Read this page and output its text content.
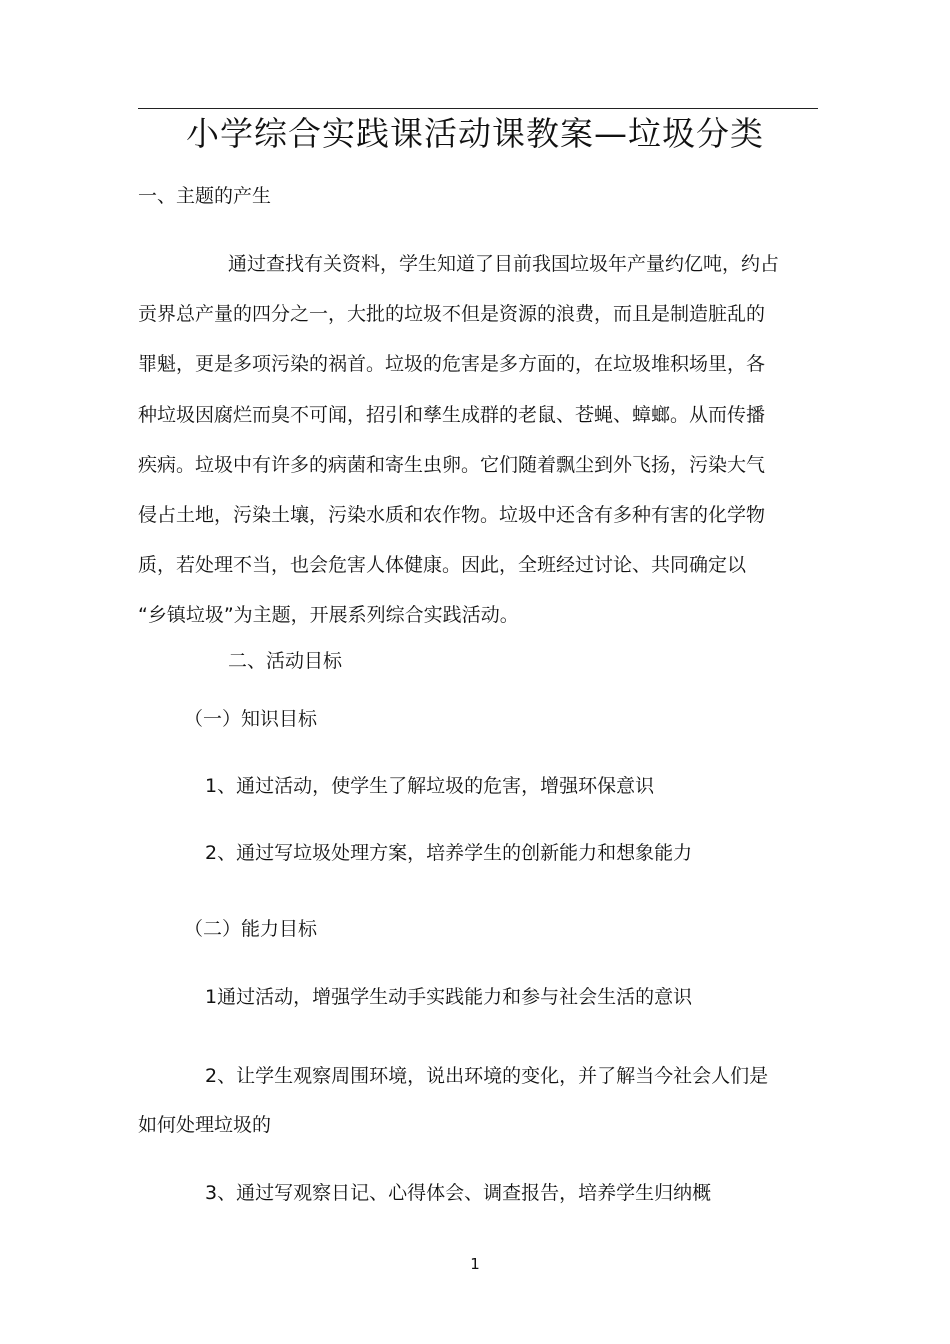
小学综合实践课活动课教案—垃圾分类
一、主题的产生
通过查找有关资料，学生知道了目前我国垃圾年产量约亿吨，约占
贡界总产量的四分之一，大批的垃圾不但是资源的浪费，而且是制造脏乱的
罪魁，更是多项污染的祸首。垃圾的危害是多方面的，在垃圾堆积场里，各
种垃圾因腐烂而臭不可闻，招引和孳生成群的老鼠、苍蝇、蟑螂。从而传播
疾病。垃圾中有许多的病菌和寄生虫卵。它们随着飘尘到外飞扬，污染大气
侵占土地，污染土壤，污染水质和农作物。垃圾中还含有多种有害的化学物
质，若处理不当，也会危害人体健康。因此，全班经过讨论、共同确定以
“乡镇垃圾”为主题，开展系列综合实践活动。
二、活动目标
（一）知识目标
1、通过活动，使学生了解垃圾的危害，增强环保意识
2、通过写垃圾处理方案，培养学生的创新能力和想象能力
（二）能力目标
1通过活动，增强学生动手实践能力和参与社会生活的意识
2、让学生观察周围环境，说出环境的变化，并了解当今社会人们是
如何处理垃圾的
3、通过写观察日记、心得体会、调查报告，培养学生归纳概
1
